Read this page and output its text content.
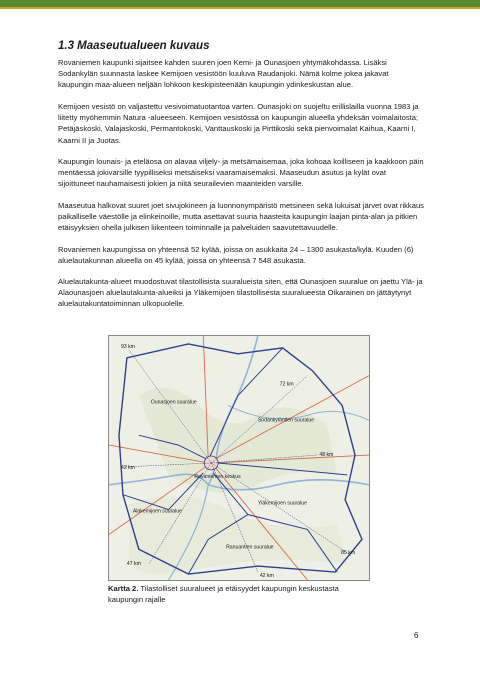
1.3 Maaseutualueen kuvaus

Rovaniemen kaupunki sijaitsee kahden suuren joen Kemi- ja Ounasjoen yhtymäkohdassa. Lisäksi Sodankylän suunnasta laskee Kemijoen vesistöön kuuluva Raudanjoki. Nämä kolme jokea jakavat kaupungin maa-alueen neljään lohkoon keskipisteenään kaupungin ydinkeskustan alue.

Kemijoen vesistö on valjastettu vesivoimatuotantoa varten. Ounasjoki on suojeltu erillislailla vuonna 1983 ja liitetty myöhemmin Natura -alueeseen. Kemijoen vesistössä on kaupungin alueella yhdeksän voimalaitosta; Petäjäskoski, Valajaskoski, Permantokoski, Vanttauskoski ja Pirttikoski sekä pienvoimalat Kaihua, Kaarni I, Kaarni II ja Juotas.

Kaupungin lounais- ja eteläosa on alavaa viljely- ja metsämaisemaa, joka kohoaa koilliseen ja kaakkoon päin mentäessä jokivarsille tyypilliseksi metsäiseksi vaaramaisemaksi. Maaseudun asutus ja kylät ovat sijoittuneet nauhamaisesti jokien ja niitä seurailevien maanteiden varsille.

Maaseutua halkovat suuret joet sivujokineen ja luonnonympäristö metsineen sekä lukuisat järvet ovat rikkaus paikalliselle väestölle ja elinkeinoille, mutta asettavat suuria haasteita kaupungin laajan pinta-alan ja pitkien etäisyyksien ohella julkisen liikenteen toiminnalle ja palveluiden saavutettavuudelle.

Rovaniemen kaupungissa on yhteensä 52 kylää, joissa on asukkaita 24 – 1300 asukasta/kylä. Kuuden (6) aluelautakunnan alueella on 45 kylää, joissa on yhteensä 7 548 asukasta.

Aluelautakunta-alueet muodostuvat tilastollisista suuralueista siten, että Ounasjoen suuralue on jaettu Ylä- ja Alaounasjoen aluelautakunta-alueiksi ja Yläkemijoen tilastollisesta suuralueesta Oikarainen on jättäytynyt aluelautakuntatoiminnan ulkopuolelle.

Ounasjoen suuralue
Sodankyläntien suuralue
Rovaniemen keskus
Alakemijoen suuralue
Yläkemijoen suuralue
Ranuantien suuralue
93 km
72 km
48 km
42 km
47 km
42 km
85 km
Kartta 2. Tilastolliset suuralueet ja etäisyydet kaupungin keskustasta kaupungin rajalle
6
